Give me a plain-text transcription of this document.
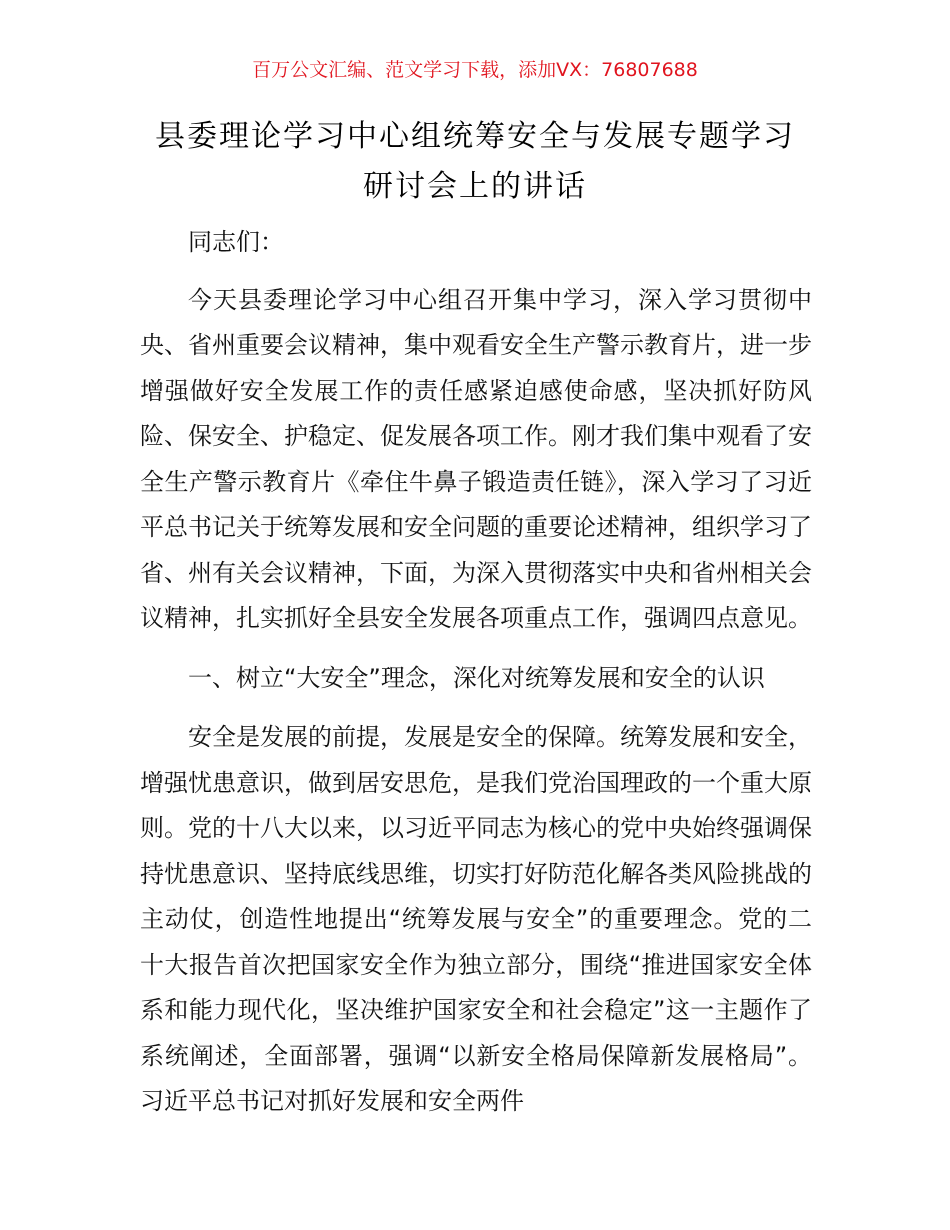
百万公文汇编、范文学习下载，添加VX：76807688
县委理论学习中心组统筹安全与发展专题学习
研讨会上的讲话

同志们：

今天县委理论学习中心组召开集中学习，深入学习贯彻中央、省州重要会议精神，集中观看安全生产警示教育片，进一步增强做好安全发展工作的责任感紧迫感使命感，坚决抓好防风险、保安全、护稳定、促发展各项工作。刚才我们集中观看了安全生产警示教育片《牵住牛鼻子锻造责任链》，深入学习了习近平总书记关于统筹发展和安全问题的重要论述精神，组织学习了省、州有关会议精神，下面，为深入贯彻落实中央和省州相关会议精神，扎实抓好全县安全发展各项重点工作，强调四点意见。

一、树立“大安全”理念，深化对统筹发展和安全的认识

安全是发展的前提，发展是安全的保障。统筹发展和安全，增强忧患意识，做到居安思危，是我们党治国理政的一个重大原则。党的十八大以来，以习近平同志为核心的党中央始终强调保持忧患意识、坚持底线思维，切实打好防范化解各类风险挑战的主动仗，创造性地提出“统筹发展与安全”的重要理念。党的二十大报告首次把国家安全作为独立部分，围绕“推进国家安全体系和能力现代化，坚决维护国家安全和社会稳定”这一主题作了系统阐述，全面部署，强调“以新安全格局保障新发展格局”。习近平总书记对抓好发展和安全两件
